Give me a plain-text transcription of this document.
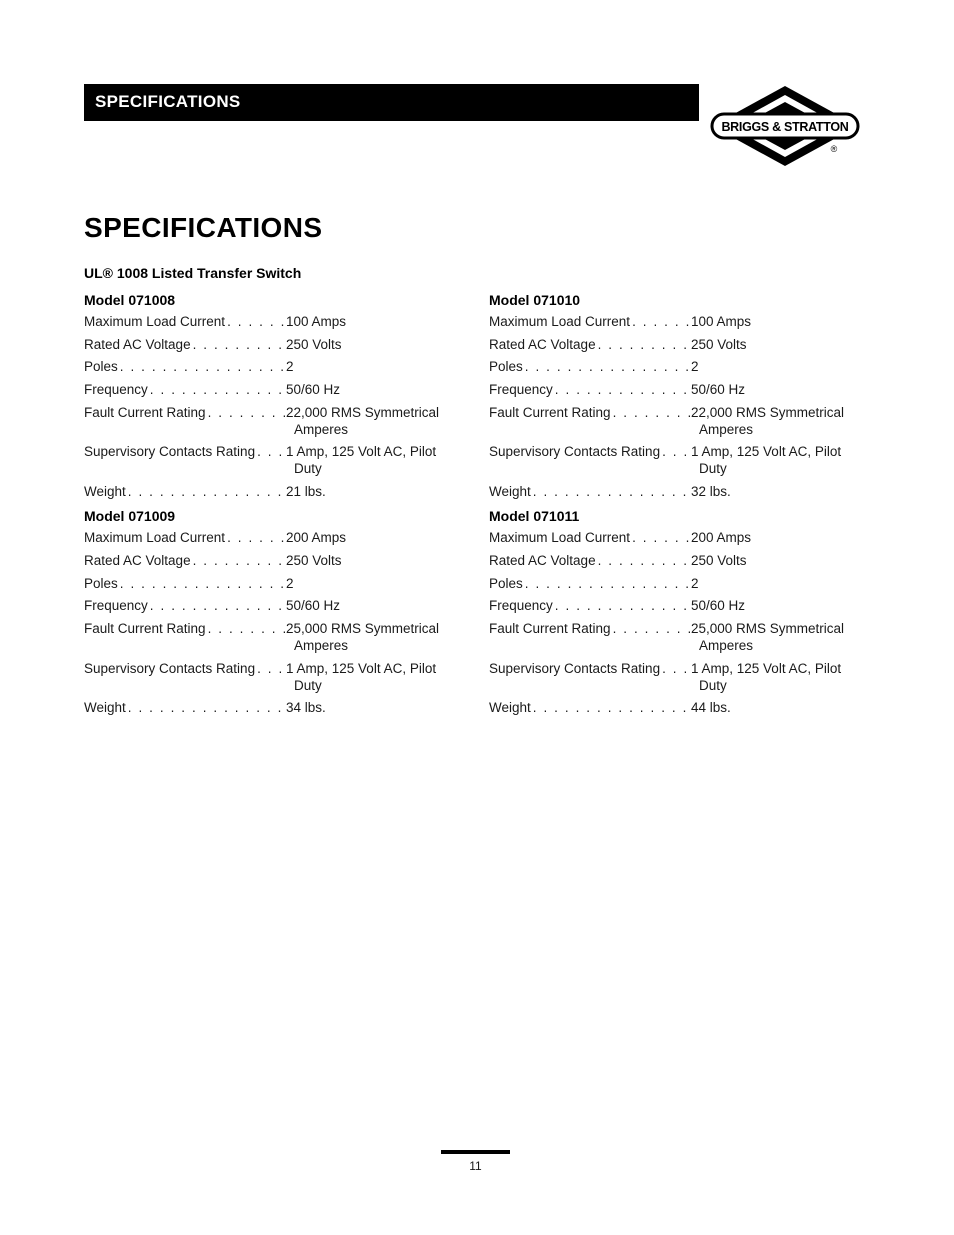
SPECIFICATIONS
BRIGGS & STRATTON
®
SPECIFICATIONS

UL® 1008 Listed Transfer Switch

Model 071008

Maximum Load Current . . .	100 Amps
Rated AC Voltage . . .	250 Volts
Poles . . .	2
Frequency . . .	50/60 Hz
Fault Current Rating . . .	22,000 RMS Symmetrical
Amperes
Supervisory Contacts Rating . . . 1 Amp, 125 Volt AC, Pilot
Duty
Weight . . .	21 lbs.

Model 071009

Maximum Load Current . . .	200 Amps
Rated AC Voltage . . .	250 Volts
Poles . . .	2
Frequency . . .	50/60 Hz
Fault Current Rating . . .	25,000 RMS Symmetrical
Amperes
Supervisory Contacts Rating . . . 1 Amp, 125 Volt AC, Pilot
Duty
Weight . . .	34 lbs.

Model 071010

Maximum Load Current . . .	100 Amps
Rated AC Voltage . . .	250 Volts
Poles . . .	2
Frequency . . .	50/60 Hz
Fault Current Rating . . .	22,000 RMS Symmetrical
Amperes
Supervisory Contacts Rating . . . 1 Amp, 125 Volt AC, Pilot
Duty
Weight . . .	32 lbs.

Model 071011

Maximum Load Current . . .	200 Amps
Rated AC Voltage . . .	250 Volts
Poles . . .	2
Frequency . . .	50/60 Hz
Fault Current Rating . . .	25,000 RMS Symmetrical
Amperes
Supervisory Contacts Rating . . . 1 Amp, 125 Volt AC, Pilot
Duty
Weight . . .	44 lbs.

11
